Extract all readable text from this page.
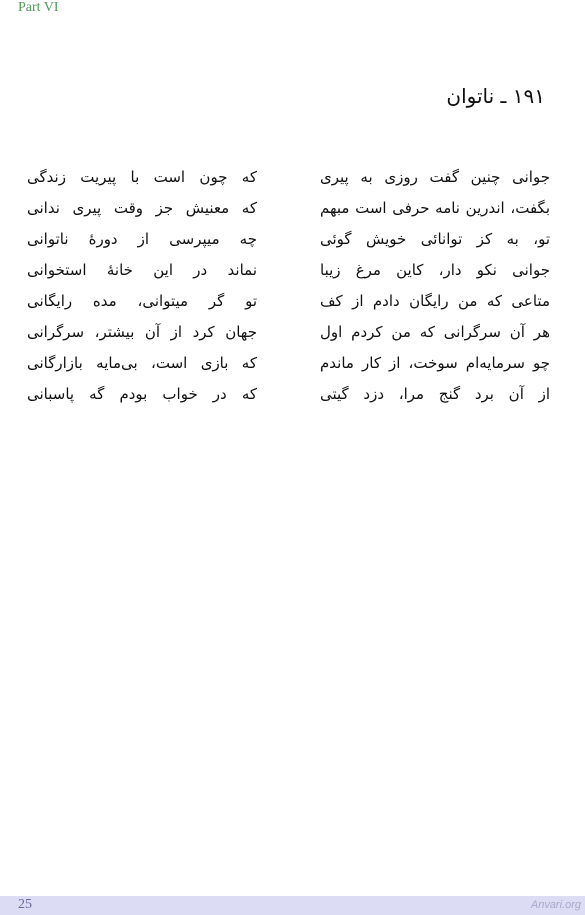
Part VI
۱۹۱ ـ ناتوان
جوانی چنین گفت روزی به پیری
بگفت، اندرین نامه حرفی است مبهم
تو، به کز توانائی خویش گوئی
جوانی نکو دار، کاین مرغ زیبا
متاعی که من رایگان دادم از کف
هر آن سرگرانی که من کردم اول
چو سرمایه‌ام سوخت، از کار ماندم
از آن برد گنج مرا، دزد گیتی
که چون است با پیریت زندگی
که معنیش جز وقت پیری ندانی
چه میپرسی از دورهٔ ناتوانی
نماند در این خانهٔ استخوانی
تو گر میتوانی، مده رایگانی
جهان کرد از آن بیشتر، سرگرانی
که بازی است، بی‌مایه بازارگانی
که در خواب بودم گه پاسبانی
25	Anvari.org
